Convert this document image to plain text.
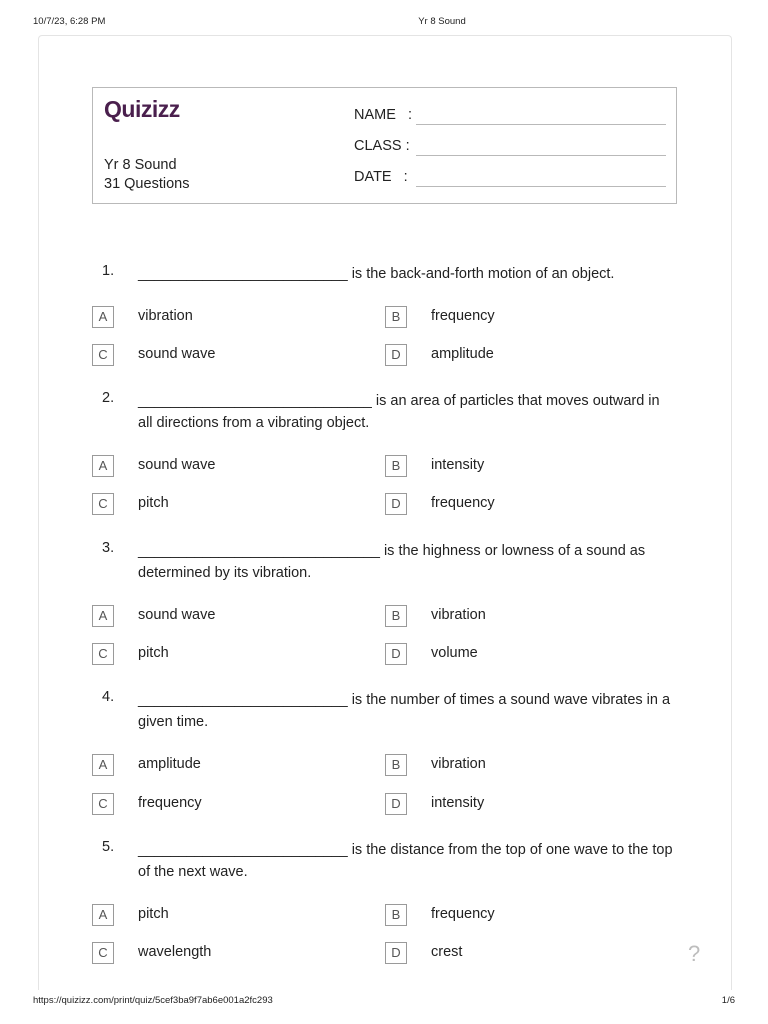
10/7/23, 6:28 PM	Yr 8 Sound
Quizizz
Yr 8 Sound
31 Questions
NAME   :
CLASS :
DATE   :
1. __________________________ is the back-and-forth motion of an object.
A	vibration	B	frequency
C	sound wave	D	amplitude
2. _____________________________ is an area of particles that moves outward in all directions from a vibrating object.
A	sound wave	B	intensity
C	pitch	D	frequency
3. ______________________________ is the highness or lowness of a sound as determined by its vibration.
A	sound wave	B	vibration
C	pitch	D	volume
4. __________________________ is the number of times a sound wave vibrates in a given time.
A	amplitude	B	vibration
C	frequency	D	intensity
5. __________________________ is the distance from the top of one wave to the top of the next wave.
A	pitch	B	frequency
C	wavelength	D	crest	?
https://quizizz.com/print/quiz/5cef3ba9f7ab6e001a2fc293	1/6
